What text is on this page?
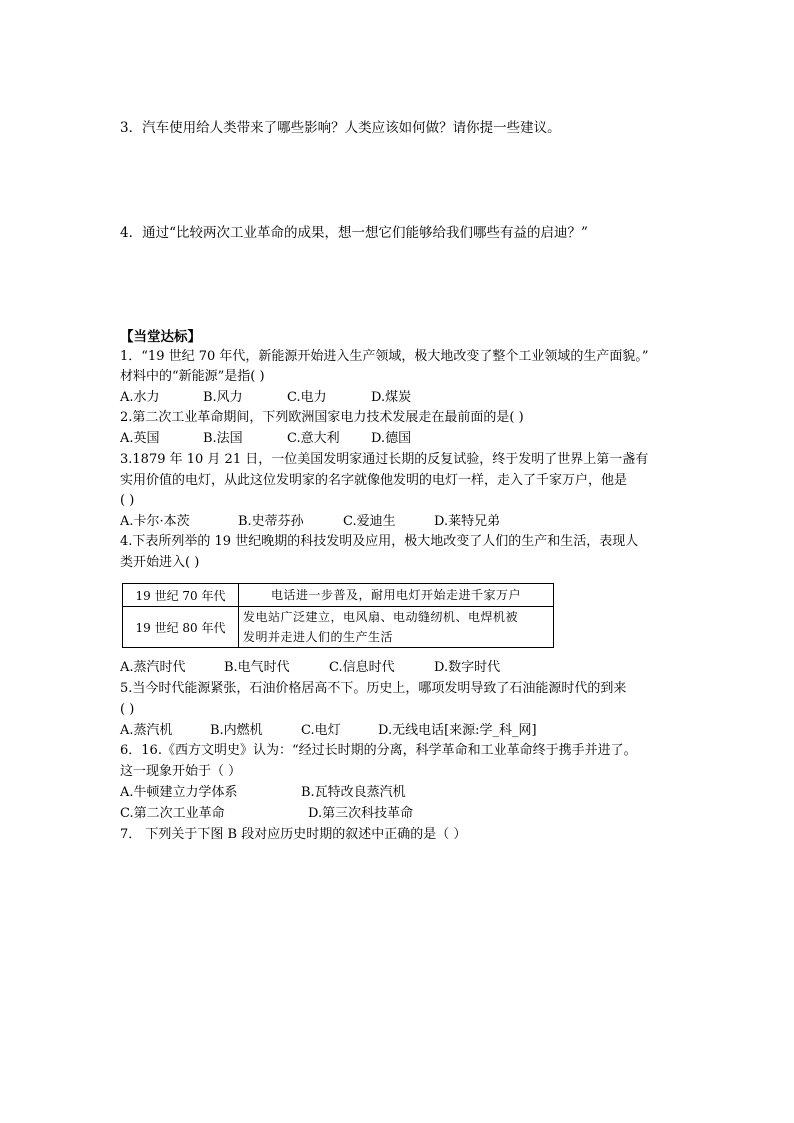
3．汽车使用给人类带来了哪些影响？人类应该如何做？请你提一些建议。
4．通过“比较两次工业革命的成果，想一想它们能够给我们哪些有益的启迪？”
【当堂达标】
1．“19 世纪 70 年代，新能源开始进入生产领域，极大地改变了整个工业领域的生产面貌。”
材料中的“新能源”是指( )
A.水力	B.风力	C.电力	D.煤炭
2.第二次工业革命期间，下列欧洲国家电力技术发展走在最前面的是( )
A.英国	B.法国	C.意大利 D.德国
3.1879 年 10 月 21 日，一位美国发明家通过长期的反复试验，终于发明了世界上第一盏有
实用价值的电灯，从此这位发明家的名字就像他发明的电灯一样，走入了千家万户，他是
( )
A.卡尔·本茨	B.史蒂芬孙	C.爱迪生	D.莱特兄弟
4.下表所列举的 19 世纪晚期的科技发明及应用，极大地改变了人们的生产和生活，表现人
类开始进入( )
19 世纪 70 年代	电话进一步普及，耐用电灯开始走进千家万户

19 世纪 80 年代	发电站广泛建立，电风扇、电动缝纫机、电焊机被
发明并走进人们的生产生活
A.蒸汽时代	B.电气时代	C.信息时代	D.数字时代
5.当今时代能源紧张，石油价格居高不下。历史上，哪项发明导致了石油能源时代的到来
( )
A.蒸汽机	B.内燃机	C.电灯	D.无线电话[来源:学_科_网]
6．16.《西方文明史》认为：“经过长时期的分离，科学革命和工业革命终于携手并进了。
这一现象开始于（ ）
A.牛顿建立力学体系	B.瓦特改良蒸汽机
C.第二次工业革命	D.第三次科技革命
7． 下列关于下图 B 段对应历史时期的叙述中正确的是（ ）
